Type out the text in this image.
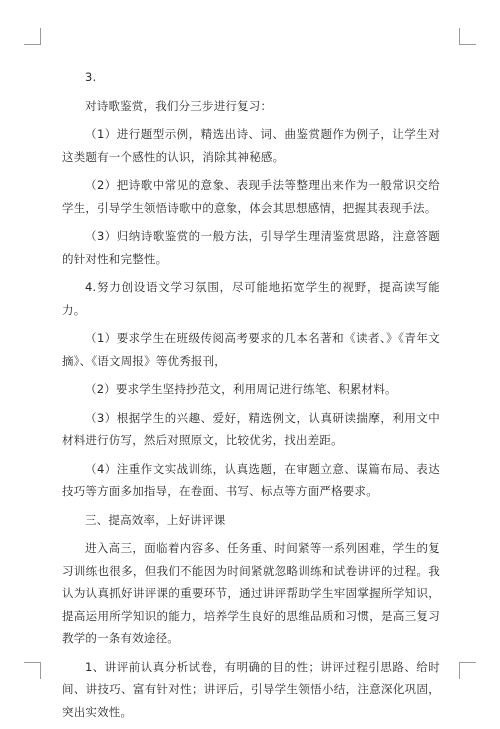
3.

对诗歌鉴赏，我们分三步进行复习：

（1）进行题型示例，精选出诗、词、曲鉴赏题作为例子，让学生对这类题有一个感性的认识，消除其神秘感。

（2）把诗歌中常见的意象、表现手法等整理出来作为一般常识交给学生，引导学生领悟诗歌中的意象，体会其思想感情，把握其表现手法。

（3）归纳诗歌鉴赏的一般方法，引导学生理清鉴赏思路，注意答题的针对性和完整性。

4.努力创设语文学习氛围，尽可能地拓宽学生的视野，提高读写能力。

（1）要求学生在班级传阅高考要求的几本名著和《读者、》《青年文摘》、《语文周报》等优秀报刊，

（2）要求学生坚持抄范文，利用周记进行练笔、积累材料。

（3）根据学生的兴趣、爱好，精选例文，认真研读揣摩，利用文中材料进行仿写，然后对照原文，比较优劣，找出差距。

（4）注重作文实战训练，认真选题，在审题立意、谋篇布局、表达技巧等方面多加指导，在卷面、书写、标点等方面严格要求。

三、提高效率，上好讲评课

进入高三，面临着内容多、任务重、时间紧等一系列困难，学生的复习训练也很多，但我们不能因为时间紧就忽略训练和试卷讲评的过程。我认为认真抓好讲评课的重要环节，通过讲评帮助学生牢固掌握所学知识，提高运用所学知识的能力，培养学生良好的思维品质和习惯，是高三复习教学的一条有效途径。

1、讲评前认真分析试卷，有明确的目的性；讲评过程引思路、给时间、讲技巧、富有针对性；讲评后，引导学生领悟小结，注意深化巩固，突出实效性。
